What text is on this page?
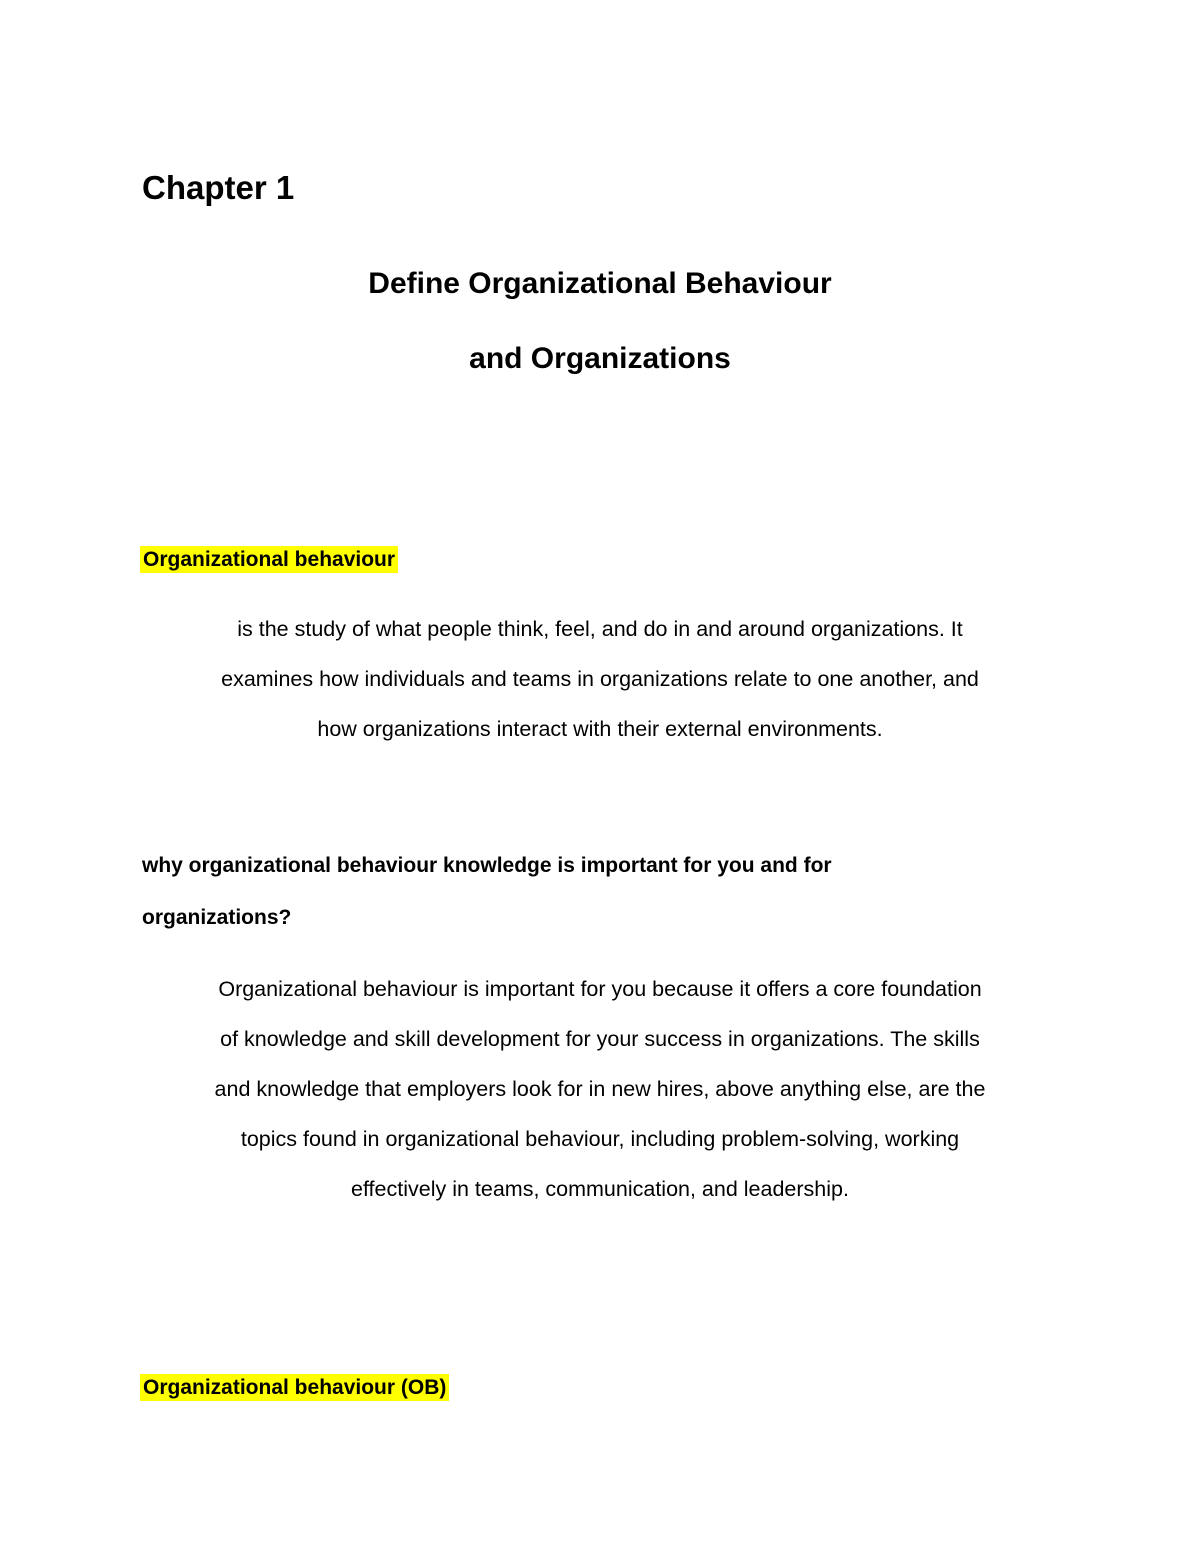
Chapter 1
Define Organizational Behaviour
and Organizations
Organizational behaviour

is the study of what people think, feel, and do in and around organizations. It
examines how individuals and teams in organizations relate to one another, and
how organizations interact with their external environments.

why organizational behaviour knowledge is important for you and for
organizations?

Organizational behaviour is important for you because it offers a core foundation
of knowledge and skill development for your success in organizations. The skills
and knowledge that employers look for in new hires, above anything else, are the
topics found in organizational behaviour, including problem-solving, working
effectively in teams, communication, and leadership.

Organizational behaviour (OB)
